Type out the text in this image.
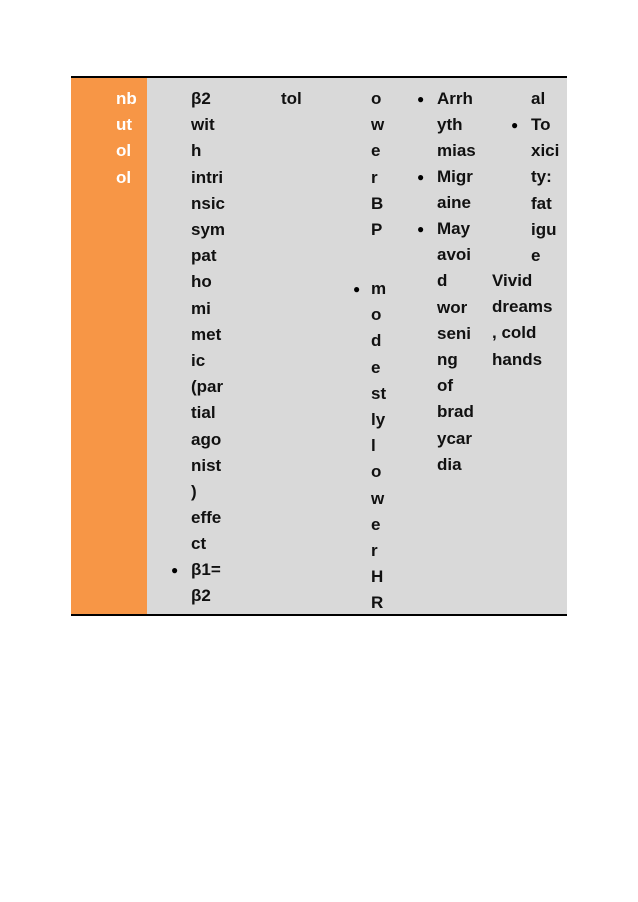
nb
ut
ol
ol
β2
wit
h
intri
nsic
sym
pat
ho
mi
met
ic
(par
tial
ago
nist
)
effe
ct
● β1=
β2
tol	o
w
e
r
B
P
● m
o
d
e
st
ly
l
o
w
e
r
H
R
● Arrh
yth
mias
● Migr
aine
● May
avoi
d
wor
seni
ng
of
brad
ycar
dia
al
● To
xici
ty:
fat
igu
e
Vivid
dreams
, cold
hands
